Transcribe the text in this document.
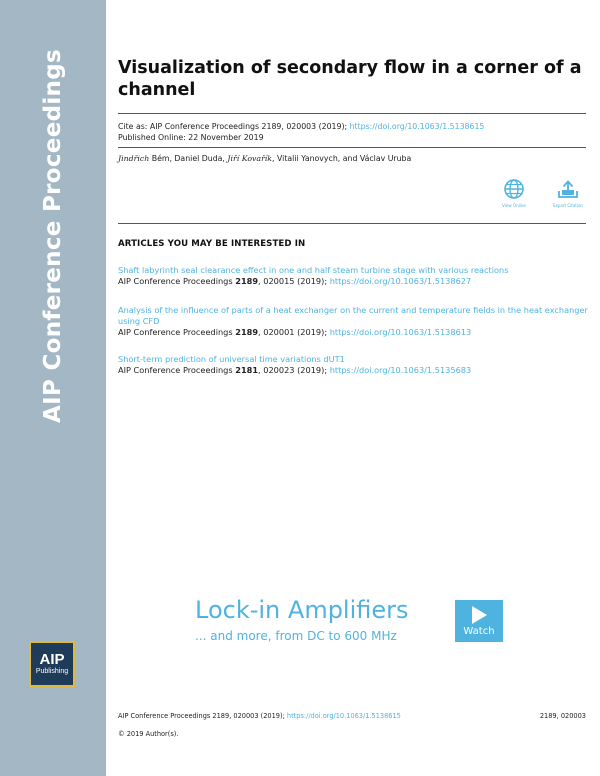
AIP Conference Proceedings
AIP
Publishing
Visualization of secondary flow in a corner of a channel
Cite as: AIP Conference Proceedings 2189, 020003 (2019); https://doi.org/10.1063/1.5138615
Published Online: 22 November 2019
Jindřich Bém, Daniel Duda, Jiří Kovařík, Vitalii Yanovych, and Václav Uruba
View Online	Export Citation
ARTICLES YOU MAY BE INTERESTED IN
Shaft labyrinth seal clearance effect in one and half steam turbine stage with various reactions
AIP Conference Proceedings 2189, 020015 (2019); https://doi.org/10.1063/1.5138627
Analysis of the influence of parts of a heat exchanger on the current and temperature fields in the heat exchanger using CFD
AIP Conference Proceedings 2189, 020001 (2019); https://doi.org/10.1063/1.5138613
Short-term prediction of universal time variations dUT1
AIP Conference Proceedings 2181, 020023 (2019); https://doi.org/10.1063/1.5135683
Lock-in Amplifiers
... and more, from DC to 600 MHz	Watch
AIP Conference Proceedings 2189, 020003 (2019); https://doi.org/10.1063/1.5138615	2189, 020003
© 2019 Author(s).
